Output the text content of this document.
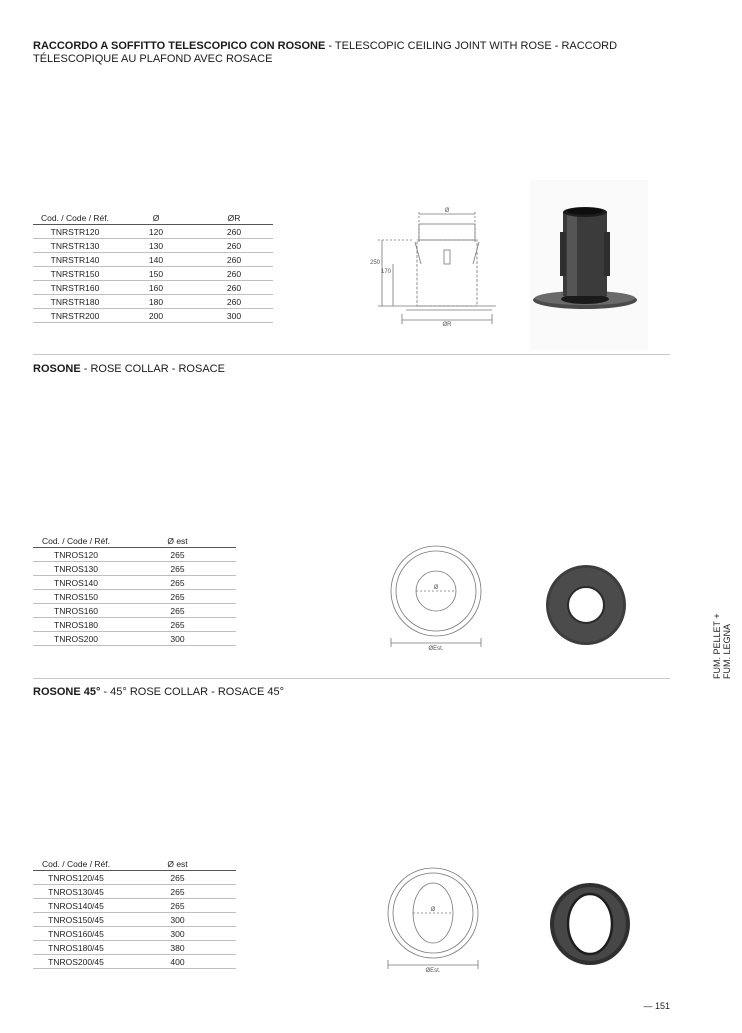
RACCORDO A SOFFITTO TELESCOPICO CON ROSONE - TELESCOPIC CEILING JOINT WITH ROSE - RACCORD
TÉLESCOPIQUE AU PLAFOND AVEC ROSACE
Cod. / Code / Réf.	Ø	ØR
TNRSTR120	120	260
TNRSTR130	130	260
TNRSTR140	140	260
TNRSTR150	150	260
TNRSTR160	160	260
TNRSTR180	180	260
TNRSTR200	200	300
Ø
250
170
ØR
ROSONE - ROSE COLLAR - ROSACE
Cod. / Code / Réf.	Ø est
TNROS120	265
TNROS130	265
TNROS140	265
TNROS150	265
TNROS160	265
TNROS180	265
TNROS200	300
Ø
ØEst.
ROSONE 45° - 45° ROSE COLLAR - ROSACE 45°
Cod. / Code / Réf.	Ø est
TNROS120/45	265
TNROS130/45	265
TNROS140/45	265
TNROS150/45	300
TNROS160/45	300
TNROS180/45	380
TNROS200/45	400
Ø
ØEst.
FUM. PELLET + FUM. LEGNA
— 151
